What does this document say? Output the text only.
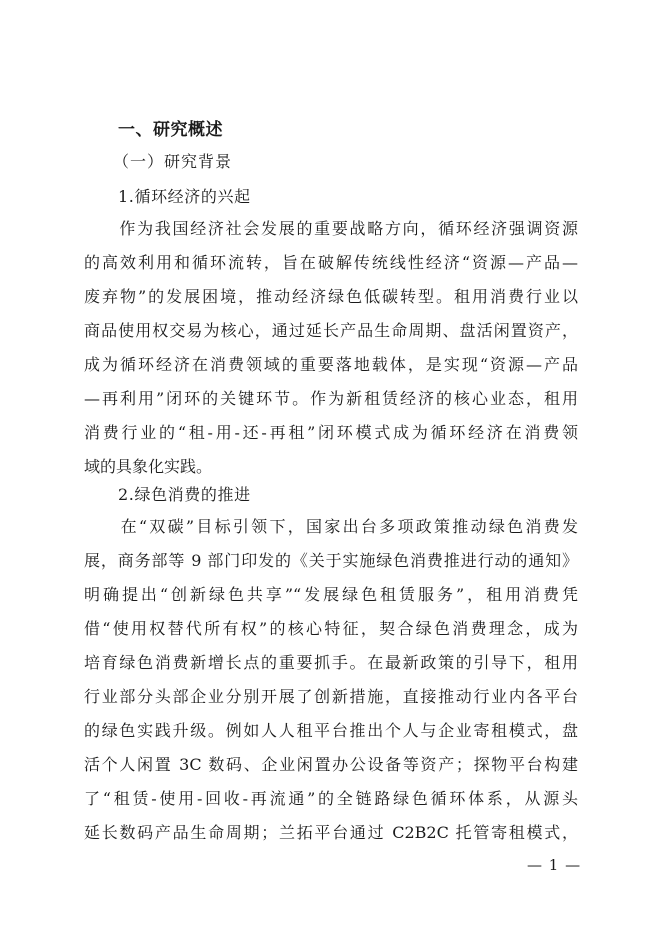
一、研究概述
（一）研究背景
1.循环经济的兴起
　　作为我国经济社会发展的重要战略方向，循环经济强调资源
的高效利用和循环流转，旨在破解传统线性经济“资源—产品—
废弃物”的发展困境，推动经济绿色低碳转型。租用消费行业以
商品使用权交易为核心，通过延长产品生命周期、盘活闲置资产，
成为循环经济在消费领域的重要落地载体，是实现“资源—产品
—再利用”闭环的关键环节。作为新租赁经济的核心业态，租用
消费行业的“租-用-还-再租”闭环模式成为循环经济在消费领
域的具象化实践。
2.绿色消费的推进
　　在“双碳”目标引领下，国家出台多项政策推动绿色消费发
展，商务部等 9 部门印发的《关于实施绿色消费推进行动的通知》
明确提出“创新绿色共享”“发展绿色租赁服务”，租用消费凭
借“使用权替代所有权”的核心特征，契合绿色消费理念，成为
培育绿色消费新增长点的重要抓手。在最新政策的引导下，租用
行业部分头部企业分别开展了创新措施，直接推动行业内各平台
的绿色实践升级。例如人人租平台推出个人与企业寄租模式，盘
活个人闲置 3C 数码、企业闲置办公设备等资产；探物平台构建
了“租赁-使用-回收-再流通”的全链路绿色循环体系，从源头
延长数码产品生命周期；兰拓平台通过 C2B2C 托管寄租模式，
— 1 —
